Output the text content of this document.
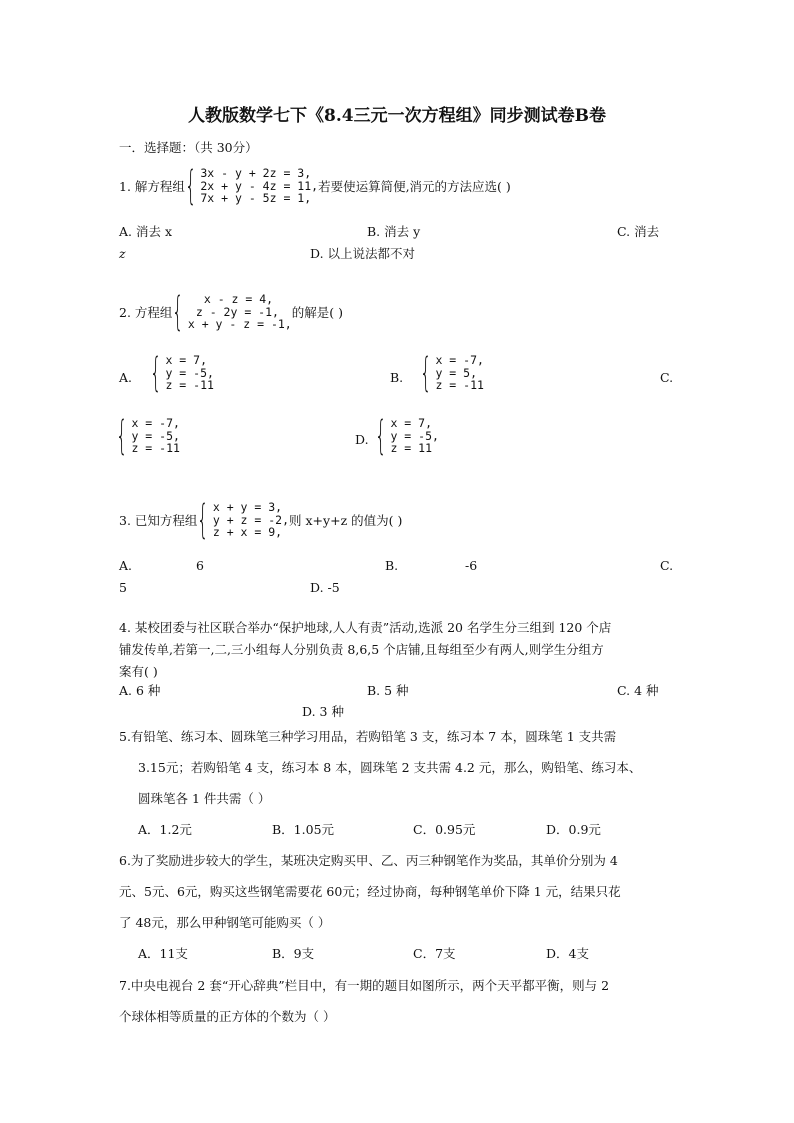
人教版数学七下《8.4三元一次方程组》同步测试卷B卷
一．选择题：（共 30分）
1. 解方程组 { 3x - y + 2z = 3,
2x + y - 4z = 11,
7x + y - 5z = 1,
若要使运算简便,消元的方法应选( )
A. 消去 x	B. 消去 y	C. 消去
z	D. 以上说法都不对
2. 方程组 {	x - z = 4,
z - 2y = -1,
x + y - z = -1,
的解是( )
A. { x = 7,
y = -5,
z = -11
B. { x = -7,
y = 5,
z = -11
C.
{ x = -7,
y = -5,
z = -11
D. { x = 7,
y = -5,
z = 11
3. 已知方程组 { x + y = 3,
y + z = -2,
z + x = 9,
则 x+y+z 的值为( )
A.	6	B.	-6	C.
5	D. -5
4. 某校团委与社区联合举办“保护地球,人人有责”活动,选派 20 名学生分三组到 120 个店
铺发传单,若第一,二,三小组每人分别负责 8,6,5 个店铺,且每组至少有两人,则学生分组方
案有( )
A. 6 种	B. 5 种	C. 4 种
D. 3 种
5.有铅笔、练习本、圆珠笔三种学习用品，若购铅笔 3 支，练习本 7 本，圆珠笔 1 支共需
3.15元；若购铅笔 4 支，练习本 8 本，圆珠笔 2 支共需 4.2 元，那么，购铅笔、练习本、
圆珠笔各 1 件共需（ ）
A．1.2元	B．1.05元	C．0.95元	D．0.9元
6.为了奖励进步较大的学生，某班决定购买甲、乙、丙三种钢笔作为奖品，其单价分别为 4
元、5元、6元，购买这些钢笔需要花 60元；经过协商，每种钢笔单价下降 1 元，结果只花
了 48元，那么甲种钢笔可能购买（ ）
A．11支	B．9支	C．7支	D．4支
7.中央电视台 2 套“开心辞典”栏目中，有一期的题目如图所示，两个天平都平衡，则与 2
个球体相等质量的正方体的个数为（ ）
